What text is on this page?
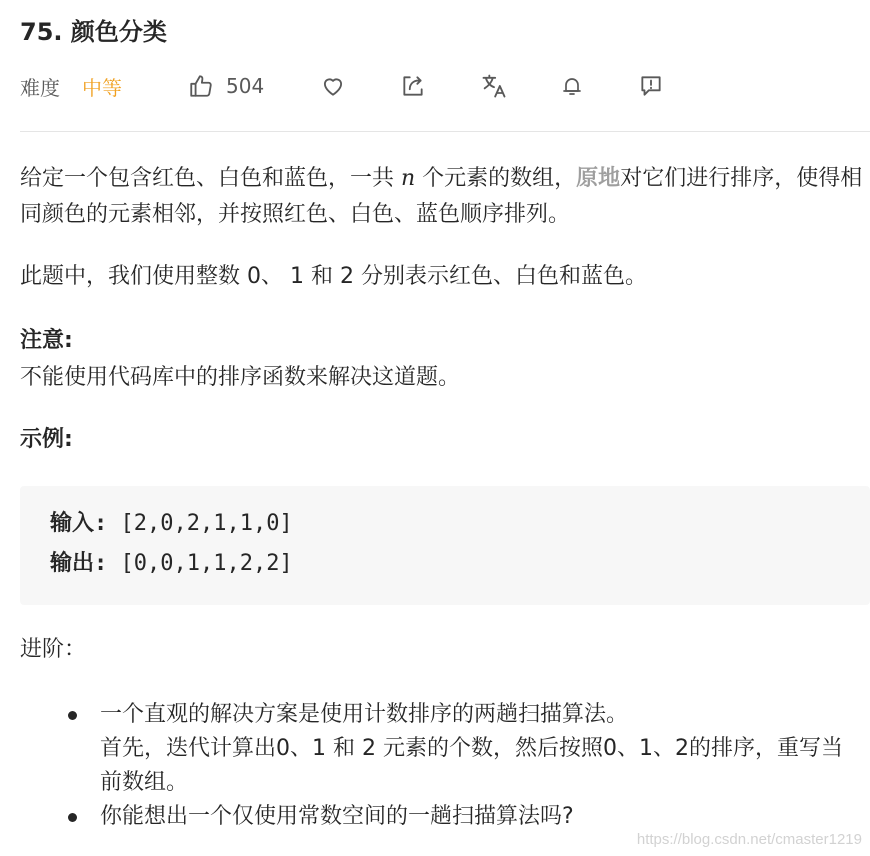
75. 颜色分类
难度 中等	504
给定一个包含红色、白色和蓝色，一共 n 个元素的数组，原地对它们进行排序，使得相同颜色的元素相邻，并按照红色、白色、蓝色顺序排列。
此题中，我们使用整数 0、 1 和 2 分别表示红色、白色和蓝色。
注意:
不能使用代码库中的排序函数来解决这道题。
示例:
输入: [2,0,2,1,1,0]
输出: [0,0,1,1,2,2]
进阶：
一个直观的解决方案是使用计数排序的两趟扫描算法。
首先，迭代计算出0、1 和 2 元素的个数，然后按照0、1、2的排序，重写当前数组。
你能想出一个仅使用常数空间的一趟扫描算法吗?
https://blog.csdn.net/cmaster1219
